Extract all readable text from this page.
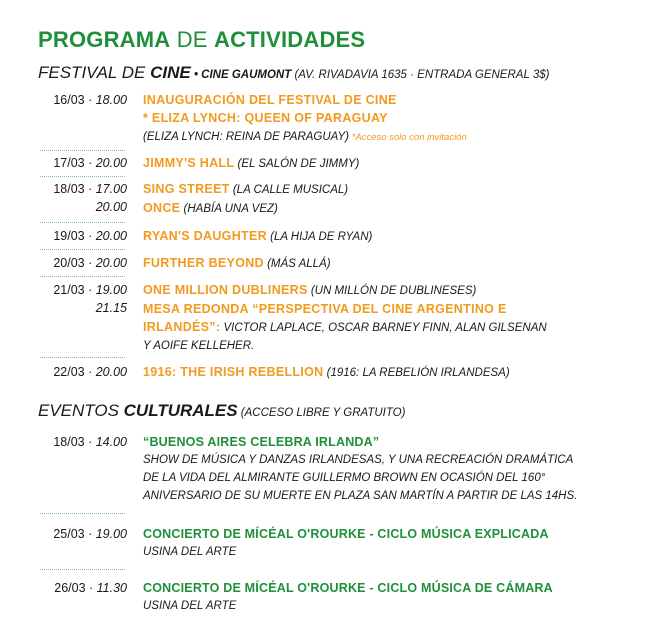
PROGRAMA DE ACTIVIDADES
FESTIVAL DE CINE • CINE GAUMONT (AV. RIVADAVIA 1635 · ENTRADA GENERAL 3$)
16/03 · 18.00 INAUGURACIÓN DEL FESTIVAL DE CINE
* ELIZA LYNCH: QUEEN OF PARAGUAY
(ELIZA LYNCH: REINA DE PARAGUAY) *Acceso solo con invitación
17/03 · 20.00 JIMMY'S HALL (EL SALÓN DE JIMMY)
18/03 · 17.00
20.00
SING STREET (LA CALLE MUSICAL)
ONCE (HABÍA UNA VEZ)
19/03 · 20.00 RYAN'S DAUGHTER (LA HIJA DE RYAN)
20/03 · 20.00 FURTHER BEYOND (MÁS ALLÁ)
21/03 · 19.00
21.15
ONE MILLION DUBLINERS (UN MILLÓN DE DUBLINESES)
MESA REDONDA “PERSPECTIVA DEL CINE ARGENTINO E
IRLANDÉS”: VICTOR LAPLACE, OSCAR BARNEY FINN, ALAN GILSENAN
Y AOIFE KELLEHER.
22/03 · 20.00 1916: THE IRISH REBELLION (1916: LA REBELIÓN IRLANDESA)
EVENTOS CULTURALES (ACCESO LIBRE Y GRATUITO)
18/03 · 14.00 “BUENOS AIRES CELEBRA IRLANDA”
SHOW DE MÚSICA Y DANZAS IRLANDESAS, Y UNA RECREACIÓN DRAMÁTICA
DE LA VIDA DEL ALMIRANTE GUILLERMO BROWN EN OCASIÓN DEL 160°
ANIVERSARIO DE SU MUERTE EN PLAZA SAN MARTÍN A PARTIR DE LAS 14HS.
25/03 · 19.00 CONCIERTO DE MÍCÉAL O'ROURKE - CICLO MÚSICA EXPLICADA
USINA DEL ARTE
26/03 · 11.30 CONCIERTO DE MÍCÉAL O'ROURKE - CICLO MÚSICA DE CÁMARA
USINA DEL ARTE
